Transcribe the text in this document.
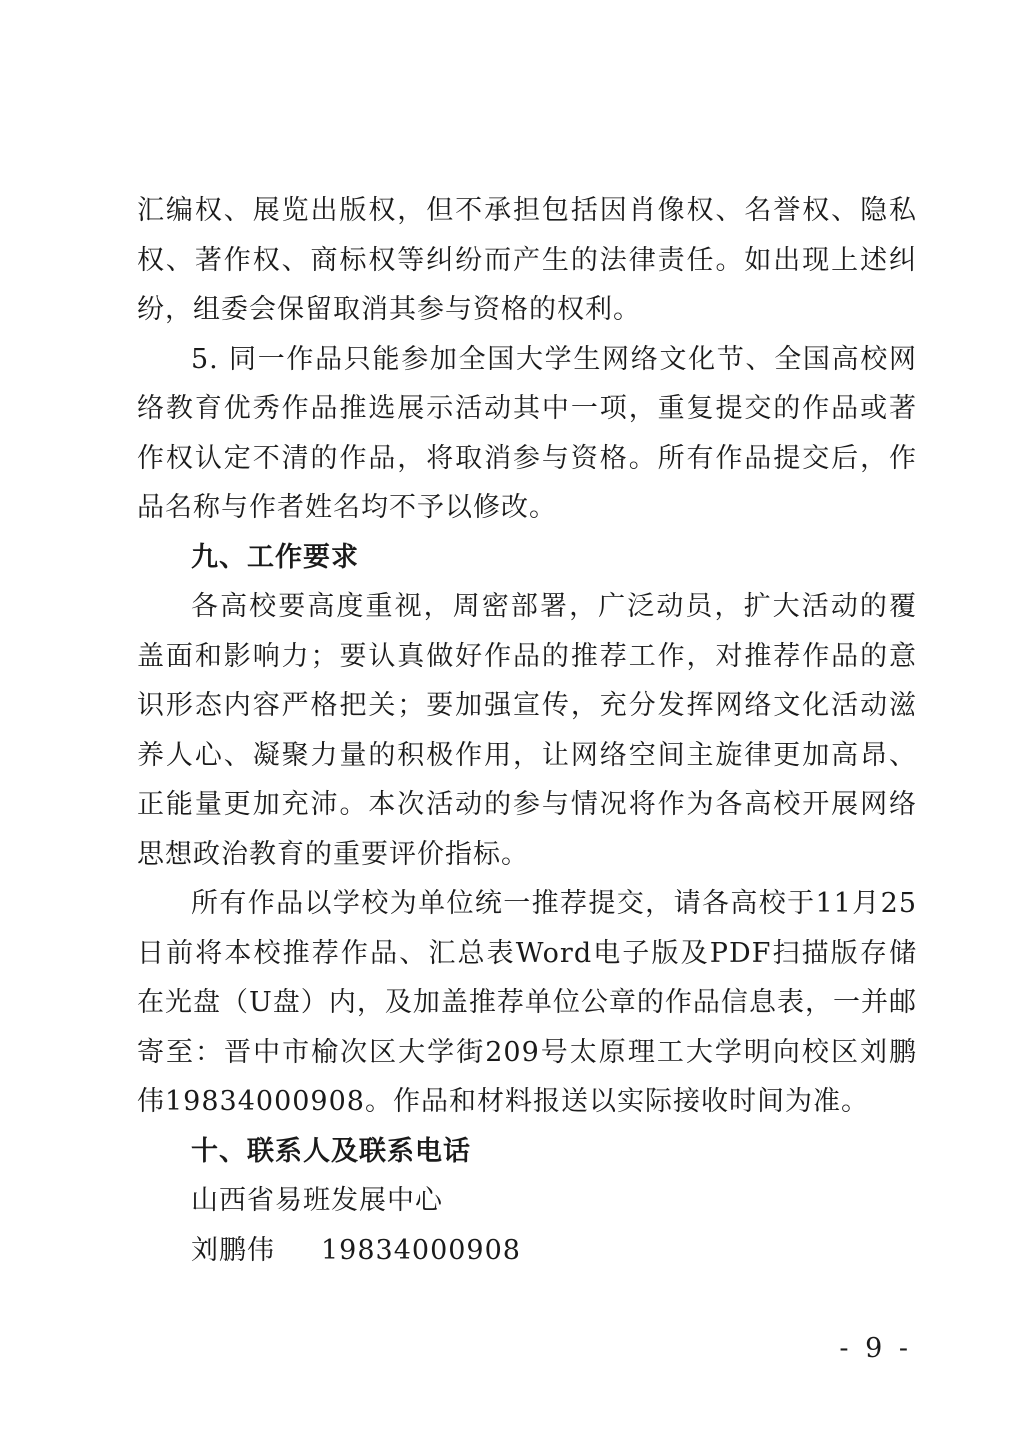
汇编权、展览出版权，但不承担包括因肖像权、名誉权、隐私权、著作权、商标权等纠纷而产生的法律责任。如出现上述纠纷，组委会保留取消其参与资格的权利。

5. 同一作品只能参加全国大学生网络文化节、全国高校网络教育优秀作品推选展示活动其中一项，重复提交的作品或著作权认定不清的作品，将取消参与资格。所有作品提交后，作品名称与作者姓名均不予以修改。

九、工作要求

各高校要高度重视，周密部署，广泛动员，扩大活动的覆盖面和影响力；要认真做好作品的推荐工作，对推荐作品的意识形态内容严格把关；要加强宣传，充分发挥网络文化活动滋养人心、凝聚力量的积极作用，让网络空间主旋律更加高昂、正能量更加充沛。本次活动的参与情况将作为各高校开展网络思想政治教育的重要评价指标。

所有作品以学校为单位统一推荐提交，请各高校于11月25日前将本校推荐作品、汇总表Word电子版及PDF扫描版存储在光盘（U盘）内，及加盖推荐单位公章的作品信息表，一并邮寄至：晋中市榆次区大学街209号太原理工大学明向校区刘鹏伟19834000908。作品和材料报送以实际接收时间为准。

十、联系人及联系电话

山西省易班发展中心

刘鹏伟 19834000908

- 9 -
